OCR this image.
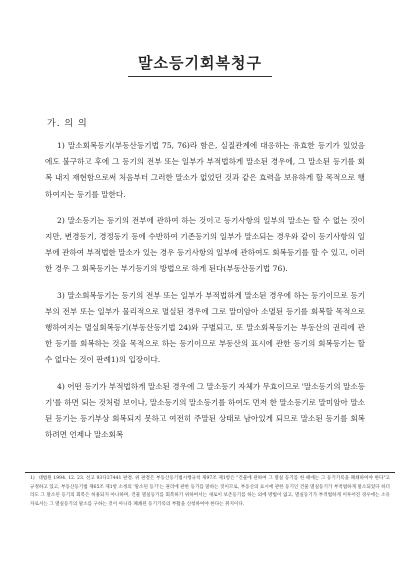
말소등기회복청구
가. 의 의

1) 말소회복등기(부동산등기법 75, 76)라 함은, 실질관계에 대응하는 유효한 등기가 있었음에도 불구하고 후에 그 등기의 전부 또는 일부가 부적법하게 말소된 경우에, 그 말소된 등기를 회복 내지 재현함으로써 처음부터 그러한 말소가 없었던 것과 같은 효력을 보유하게 할 목적으로 행하여지는 등기를 말한다.

2) 말소등기는 등기의 전부에 관하여 하는 것이고 등기사항의 일부의 말소는 할 수 없는 것이지만, 변경등기, 경정등기 등에 수반하여 기존등기의 일부가 말소되는 경우와 같이 등기사항의 일부에 관하여 부적법한 말소가 있는 경우 등기사항의 일부에 관하여도 회복등기를 할 수 있고, 이러한 경우 그 회복등기는 부기등기의 방법으로 하게 된다(부동산등기법 76).

3) 말소회복등기는 등기의 전부 또는 일부가 부적법하게 말소된 경우에 하는 등기이므로 등기부의 전부 또는 일부가 물리적으로 멸실된 경우에 그로 말미암아 소멸된 등기를 회복할 목적으로 행하여지는 멸실회복등기(부동산등기법 24)와 구별되고, 또 말소회복등기는 부동산의 권리에 관한 등기를 회복하는 것을 목적으로 하는 등기이므로 부동산의 표시에 관한 등기의 회복등기는 할 수 없다는 것이 판례1)의 입장이다.

4) 어떤 등기가 부적법하게 말소된 경우에 그 말소등기 자체가 무효이므로 '말소등기의 말소등기'를 하면 되는 것처럼 보이나, 말소등기의 말소등기를 하여도 먼저 한 말소등기로 말미암아 말소된 등기는 등기부상 회복되지 못하고 여전히 주말된 상태로 남아있게 되므로 말소된 등기를 회복하려면 언제나 말소회복

1) 대법원 1994. 12. 23. 선고 93다37441 판결. 위 판결은 부동산등기법시행규칙 제97조 제1항은 "건물에 관하여 그 멸실 등기를 한 때에는 그 등기기록을 폐쇄하여야 한다"고 규정하고 있고, 부동산등기법 제65조 제1항 소정의 '말소된 등기'는 권리에 관한 등기를 말하는 것이므로, 부동산의 표시에 관한 등기인 건물 멸실등기가 부적법하게 말소되었다 하더라도 그 말소된 등기의 회복은 허용되지 아니하며, 건물 멸실등기를 회복하기 위하여서는 새로이 보존등기를 하는 외에 방법이 없고, 멸실등기가 부적법하게 이루어진 경우에는 소유자로서는 그 멸실등기의 말소를 구하는 것이 아니라 폐쇄된 등기기록의 부활을 신청하여야 한다는 취지이다.
